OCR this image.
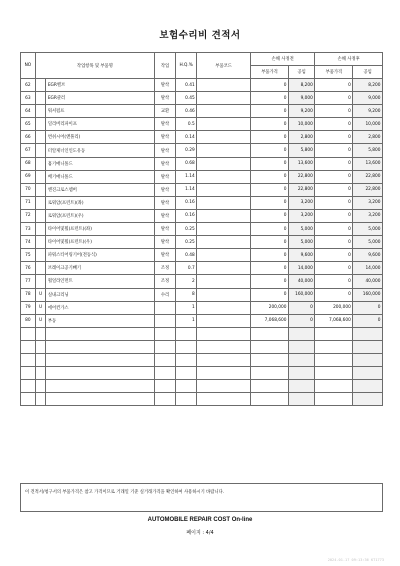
보험수리비 견적서
NO	작업항목 및 부품명		작업	H.Q.%	부품코드	손해 사정전		손해 사정후	
						부품가격	공임	부품가격	공임
62		EGR밸브	탈착	0.41		0	8,200	0	8,200
63		EGR쿨러	탈착	0.45		0	9,000	0	9,000
64		워셔펌프	교환	0.46		0	9,200	0	9,200
65		딜리버리파이프	탈착	0.5		0	10,000	0	10,000
66		번쉬시어(앤풀리)	탈착	0.14		0	2,800	0	2,800
67		터알제너인인도유동	탈착	0.29		0	5,800	0	5,800
68		흡기매니폴드	탈착	0.68		0	13,600	0	13,600
69		배기매니폴드	탈착	1.14		0	22,800	0	22,800
70		엔진크로스멤버	탈착	1.14		0	22,800	0	22,800
71		로워암(프런트)(좌)	탈착	0.16		0	3,200	0	3,200
72		로워암(프런트)(우)	탈착	0.16		0	3,200	0	3,200
73		타이어및휠(프런트)(좌)	탈착	0.25		0	5,000	0	5,000
74		타이어및휠(프런트)(우)	탈착	0.25		0	5,000	0	5,000
75		파워스티어링기어(전동식)	탈착	0.48		0	9,600	0	9,600
76		브레이크공기빼기	조정	0.7		0	14,000	0	14,000
77		휠얼라인먼트	조정	2		0	40,000	0	40,000
78	U	실내크리닝	수리	8		0	160,000	0	160,000
79	U	에어컨가스		1		200,000	0	200,000	0
80	U	부동		1		7,068,600	0	7,068,600	0

이 견적서/청구서의 부품가격은 참고 가격이므로 거래일 기준 실거래가격을 확인하여 사용하시기 바랍니다.
AUTOMOBILE REPAIR COST On-line
페이지 : 4/4
2024-01-17 09:13:36 KT1773
